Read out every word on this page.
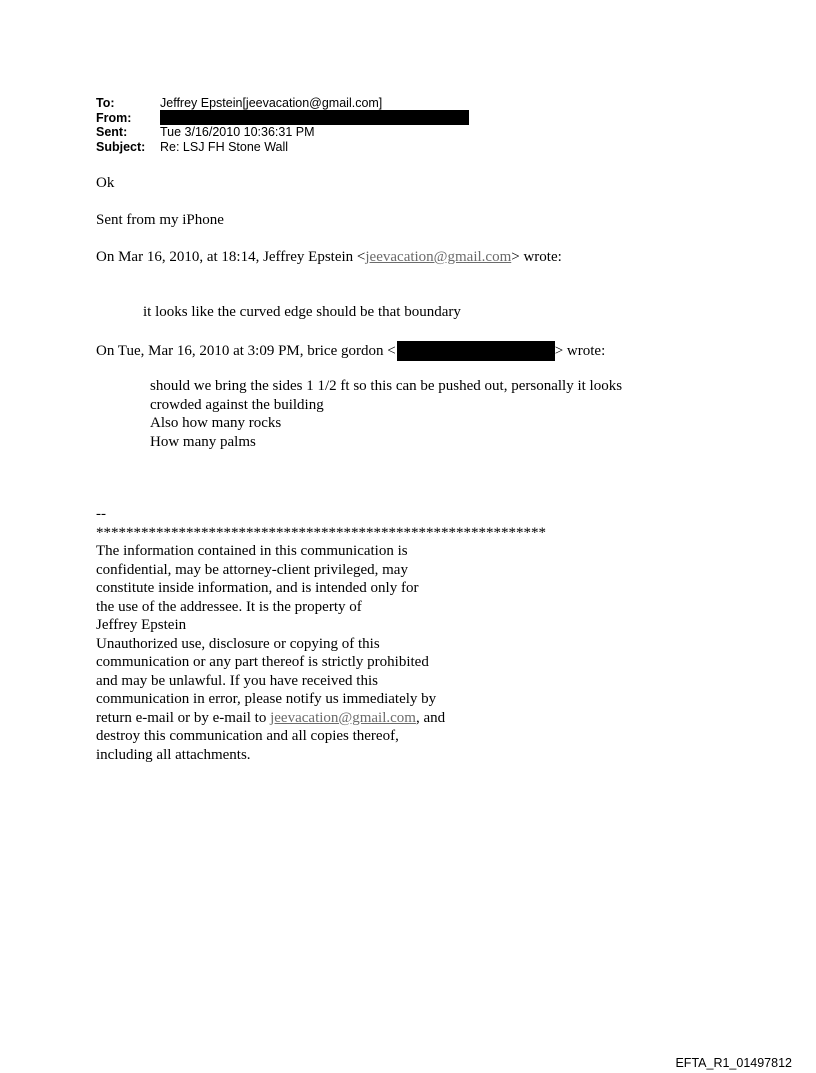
To:	Jeffrey Epstein[jeevacation@gmail.com]
From:
Sent:	Tue 3/16/2010 10:36:31 PM
Subject:	Re: LSJ FH Stone Wall
Ok
Sent from my iPhone
On Mar 16, 2010, at 18:14, Jeffrey Epstein <jeevacation@gmail.com> wrote:
it looks like the curved edge should be that boundary
On Tue, Mar 16, 2010 at 3:09 PM, brice gordon <	> wrote:
should we bring the sides 1 1/2 ft so this can be pushed out, personally it looks
crowded against the building
Also how many rocks
How many palms
--
************************************************************
The information contained in this communication is
confidential, may be attorney-client privileged, may
constitute inside information, and is intended only for
the use of the addressee. It is the property of
Jeffrey Epstein
Unauthorized use, disclosure or copying of this
communication or any part thereof is strictly prohibited
and may be unlawful. If you have received this
communication in error, please notify us immediately by
return e-mail or by e-mail to jeevacation@gmail.com, and
destroy this communication and all copies thereof,
including all attachments.
EFTA_R1_01497812
